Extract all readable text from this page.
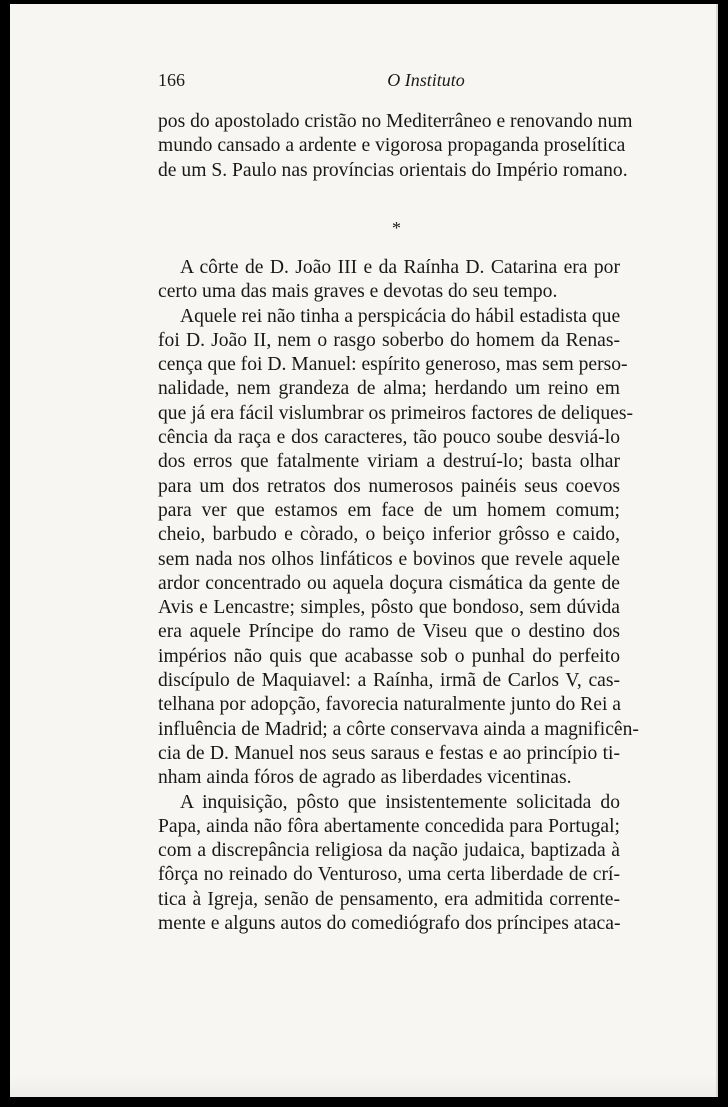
166	O Instituto
pos do apostolado cristão no Mediterrâneo e renovando num
mundo cansado a ardente e vigorosa propaganda proselítica
de um S. Paulo nas províncias orientais do Império romano.
*
A côrte de D. João III e da Raínha D. Catarina era por
certo uma das mais graves e devotas do seu tempo.
Aquele rei não tinha a perspicácia do hábil estadista que
foi D. João II, nem o rasgo soberbo do homem da Renas-
cença que foi D. Manuel: espírito generoso, mas sem perso-
nalidade, nem grandeza de alma; herdando um reino em
que já era fácil vislumbrar os primeiros factores de deliques-
cência da raça e dos caracteres, tão pouco soube desviá-lo
dos erros que fatalmente viriam a destruí-lo; basta olhar
para um dos retratos dos numerosos painéis seus coevos
para ver que estamos em face de um homem comum;
cheio, barbudo e còrado, o beiço inferior grôsso e caido,
sem nada nos olhos linfáticos e bovinos que revele aquele
ardor concentrado ou aquela doçura cismática da gente de
Avis e Lencastre; simples, pôsto que bondoso, sem dúvida
era aquele Príncipe do ramo de Viseu que o destino dos
impérios não quis que acabasse sob o punhal do perfeito
discípulo de Maquiavel: a Raínha, irmã de Carlos V, cas-
telhana por adopção, favorecia naturalmente junto do Rei a
influência de Madrid; a côrte conservava ainda a magnificên-
cia de D. Manuel nos seus saraus e festas e ao princípio ti-
nham ainda fóros de agrado as liberdades vicentinas.
A inquisição, pôsto que insistentemente solicitada do
Papa, ainda não fôra abertamente concedida para Portugal;
com a discrepância religiosa da nação judaica, baptizada à
fôrça no reinado do Venturoso, uma certa liberdade de crí-
tica à Igreja, senão de pensamento, era admitida corrente-
mente e alguns autos do comediógrafo dos príncipes ataca-
